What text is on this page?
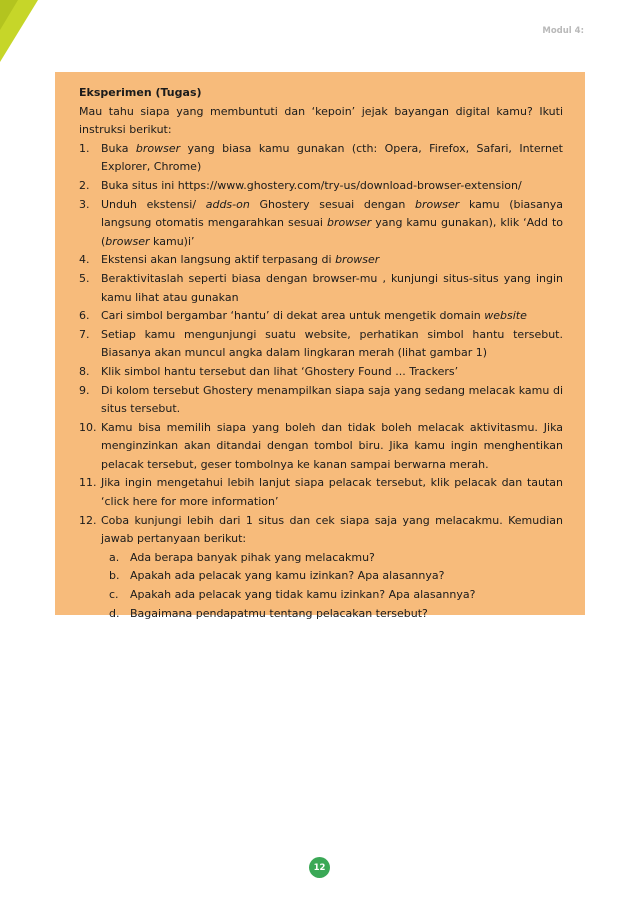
Modul 4:
Eksperimen (Tugas)
Mau tahu siapa yang membuntuti dan ‘kepoin’ jejak bayangan digital kamu? Ikuti instruksi berikut:
1.	Buka browser yang biasa kamu gunakan (cth: Opera, Firefox, Safari, Internet Explorer, Chrome)
2.	Buka situs ini https://www.ghostery.com/try-us/download-browser-extension/
3.	Unduh ekstensi/ adds-on Ghostery sesuai dengan browser kamu (biasanya langsung otomatis mengarahkan sesuai browser yang kamu gunakan), klik ‘Add to (browser kamu)i’
4.	Ekstensi akan langsung aktif terpasang di browser
5.	Beraktivitaslah seperti biasa dengan browser-mu , kunjungi situs-situs yang ingin kamu lihat atau gunakan
6.	Cari simbol bergambar ‘hantu’ di dekat area untuk mengetik domain website
7.	Setiap kamu mengunjungi suatu website, perhatikan simbol hantu tersebut. Biasanya akan muncul angka dalam lingkaran merah (lihat gambar 1)
8.	Klik simbol hantu tersebut dan lihat ‘Ghostery Found ... Trackers’
9.	Di kolom tersebut Ghostery menampilkan siapa saja yang sedang melacak kamu di situs tersebut.
10. Kamu bisa memilih siapa yang boleh dan tidak boleh melacak aktivitasmu. Jika menginzinkan akan ditandai dengan tombol biru. Jika kamu ingin menghentikan pelacak tersebut, geser tombolnya ke kanan sampai berwarna merah.
11. Jika ingin mengetahui lebih lanjut siapa pelacak tersebut, klik pelacak dan tautan ‘click here for more information’
12. Coba kunjungi lebih dari 1 situs dan cek siapa saja yang melacakmu. Kemudian jawab pertanyaan berikut:
a. Ada berapa banyak pihak yang melacakmu?
b. Apakah ada pelacak yang kamu izinkan? Apa alasannya?
c.	Apakah ada pelacak yang tidak kamu izinkan? Apa alasannya?
d. Bagaimana pendapatmu tentang pelacakan tersebut?
12
